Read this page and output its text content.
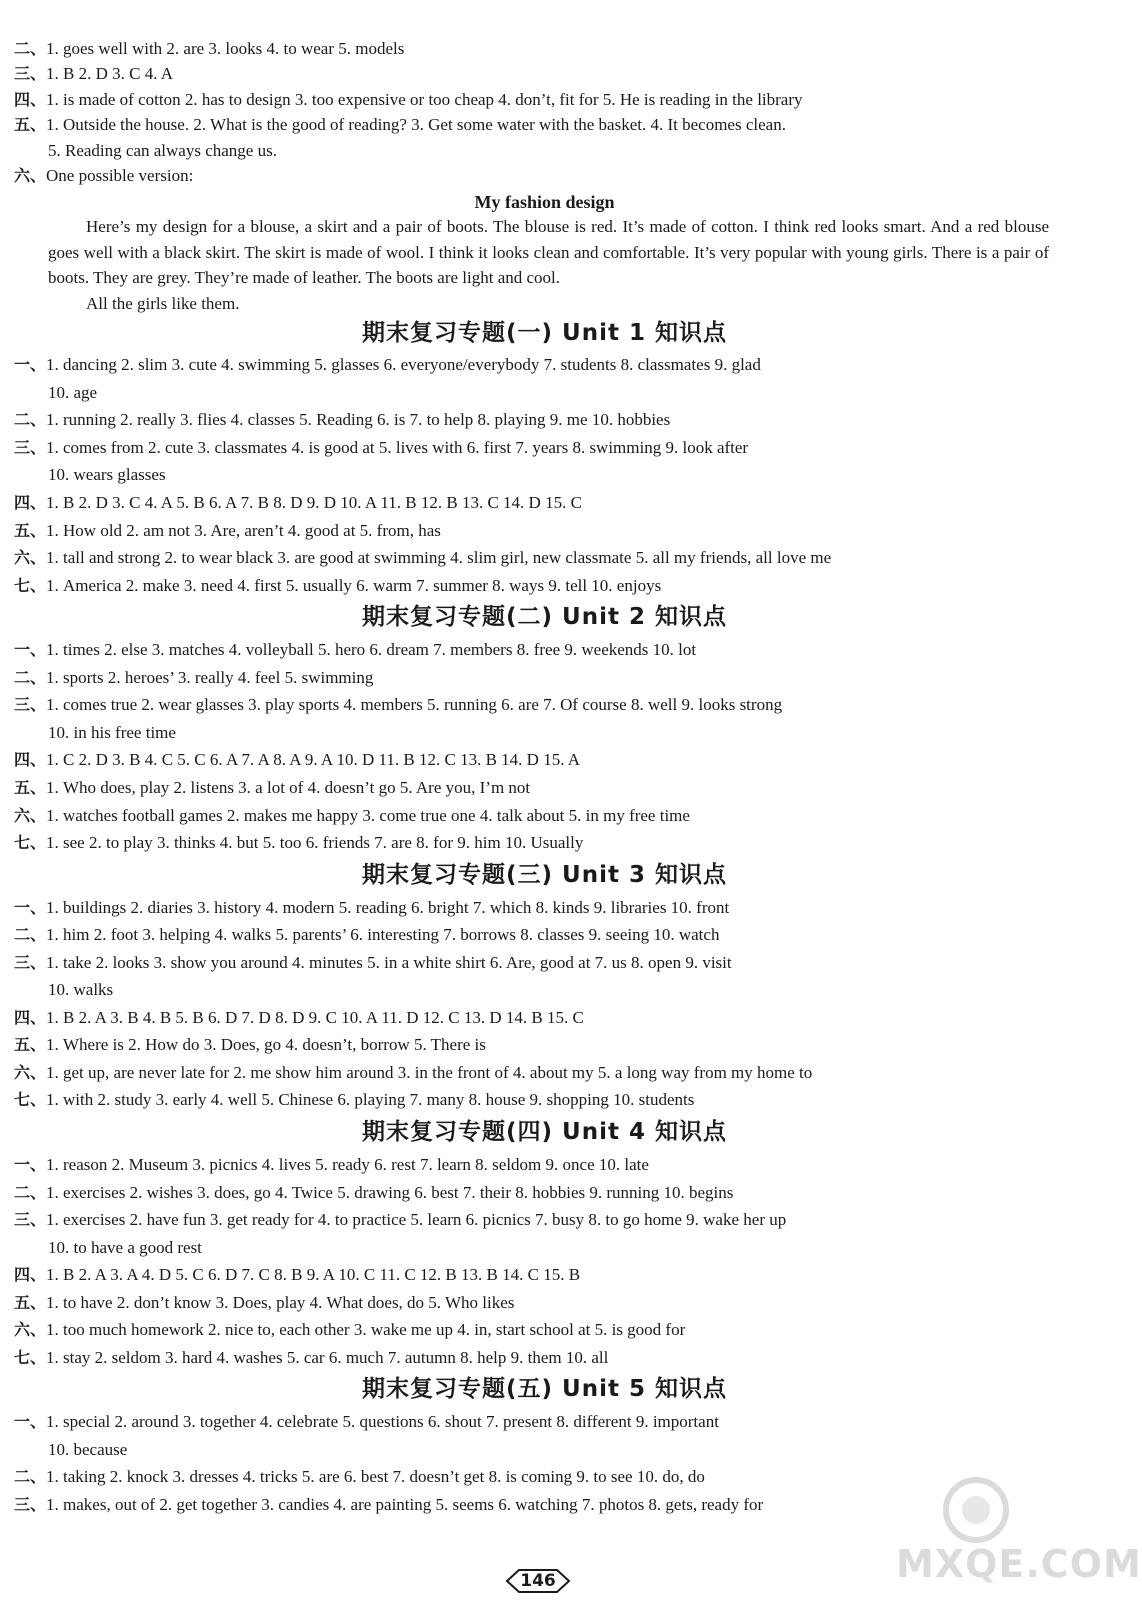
二、1. goes well with 2. are 3. looks 4. to wear 5. models
三、1. B 2. D 3. C 4. A
四、1. is made of cotton 2. has to design 3. too expensive or too cheap 4. don’t, fit for 5. He is reading in the library
五、1. Outside the house. 2. What is the good of reading? 3. Get some water with the basket. 4. It becomes clean.
5. Reading can always change us.
六、One possible version:
My fashion design
Here’s my design for a blouse, a skirt and a pair of boots. The blouse is red. It’s made of cotton. I think red looks smart. And a red blouse goes well with a black skirt. The skirt is made of wool. I think it looks clean and comfortable. It’s very popular with young girls. There is a pair of boots. They are grey. They’re made of leather. The boots are light and cool.
All the girls like them.
期末复习专题(一) Unit 1 知识点
一、1. dancing 2. slim 3. cute 4. swimming 5. glasses 6. everyone/everybody 7. students 8. classmates 9. glad
10. age
二、1. running 2. really 3. flies 4. classes 5. Reading 6. is 7. to help 8. playing 9. me 10. hobbies
三、1. comes from 2. cute 3. classmates 4. is good at 5. lives with 6. first 7. years 8. swimming 9. look after
10. wears glasses
四、1. B 2. D 3. C 4. A 5. B 6. A 7. B 8. D 9. D 10. A 11. B 12. B 13. C 14. D 15. C
五、1. How old 2. am not 3. Are, aren’t 4. good at 5. from, has
六、1. tall and strong 2. to wear black 3. are good at swimming 4. slim girl, new classmate 5. all my friends, all love me
七、1. America 2. make 3. need 4. first 5. usually 6. warm 7. summer 8. ways 9. tell 10. enjoys
期末复习专题(二) Unit 2 知识点
一、1. times 2. else 3. matches 4. volleyball 5. hero 6. dream 7. members 8. free 9. weekends 10. lot
二、1. sports 2. heroes’ 3. really 4. feel 5. swimming
三、1. comes true 2. wear glasses 3. play sports 4. members 5. running 6. are 7. Of course 8. well 9. looks strong
10. in his free time
四、1. C 2. D 3. B 4. C 5. C 6. A 7. A 8. A 9. A 10. D 11. B 12. C 13. B 14. D 15. A
五、1. Who does, play 2. listens 3. a lot of 4. doesn’t go 5. Are you, I’m not
六、1. watches football games 2. makes me happy 3. come true one 4. talk about 5. in my free time
七、1. see 2. to play 3. thinks 4. but 5. too 6. friends 7. are 8. for 9. him 10. Usually
期末复习专题(三) Unit 3 知识点
一、1. buildings 2. diaries 3. history 4. modern 5. reading 6. bright 7. which 8. kinds 9. libraries 10. front
二、1. him 2. foot 3. helping 4. walks 5. parents’ 6. interesting 7. borrows 8. classes 9. seeing 10. watch
三、1. take 2. looks 3. show you around 4. minutes 5. in a white shirt 6. Are, good at 7. us 8. open 9. visit
10. walks
四、1. B 2. A 3. B 4. B 5. B 6. D 7. D 8. D 9. C 10. A 11. D 12. C 13. D 14. B 15. C
五、1. Where is 2. How do 3. Does, go 4. doesn’t, borrow 5. There is
六、1. get up, are never late for 2. me show him around 3. in the front of 4. about my 5. a long way from my home to
七、1. with 2. study 3. early 4. well 5. Chinese 6. playing 7. many 8. house 9. shopping 10. students
期末复习专题(四) Unit 4 知识点
一、1. reason 2. Museum 3. picnics 4. lives 5. ready 6. rest 7. learn 8. seldom 9. once 10. late
二、1. exercises 2. wishes 3. does, go 4. Twice 5. drawing 6. best 7. their 8. hobbies 9. running 10. begins
三、1. exercises 2. have fun 3. get ready for 4. to practice 5. learn 6. picnics 7. busy 8. to go home 9. wake her up
10. to have a good rest
四、1. B 2. A 3. A 4. D 5. C 6. D 7. C 8. B 9. A 10. C 11. C 12. B 13. B 14. C 15. B
五、1. to have 2. don’t know 3. Does, play 4. What does, do 5. Who likes
六、1. too much homework 2. nice to, each other 3. wake me up 4. in, start school at 5. is good for
七、1. stay 2. seldom 3. hard 4. washes 5. car 6. much 7. autumn 8. help 9. them 10. all
期末复习专题(五) Unit 5 知识点
一、1. special 2. around 3. together 4. celebrate 5. questions 6. shout 7. present 8. different 9. important
10. because
二、1. taking 2. knock 3. dresses 4. tricks 5. are 6. best 7. doesn’t get 8. is coming 9. to see 10. do, do
三、1. makes, out of 2. get together 3. candies 4. are painting 5. seems 6. watching 7. photos 8. gets, ready for
MXQE.COM
146
